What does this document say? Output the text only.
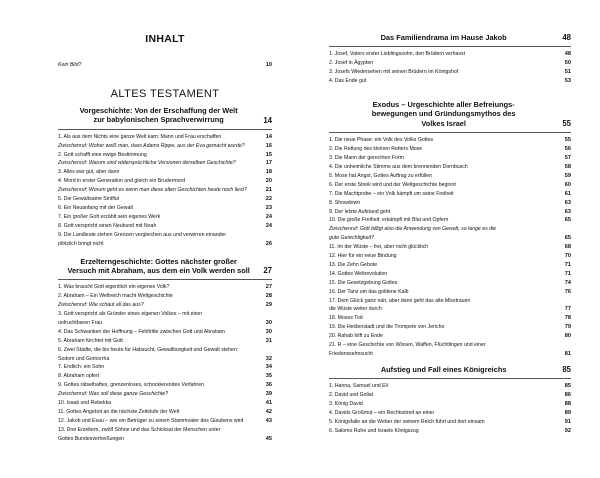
INHALT
Kein Bild?	10
ALTES TESTAMENT
Vorgeschichte: Von der Erschaffung der Welt
zur babylonischen Sprachverwirrung	14
1. Als aus dem Nichts eine ganze Welt kam: Mann und Frau erschaffen	14
Zwischenruf: Woher weiß man, dass Adams Rippe, aus der Eva gemacht wurde?	16
2. Gott schafft eine ewige Bestimmung	15
Zwischenruf: Warum sind widersprüchliche Versionen derselben Geschichte?	17
3. Alles war gut, aber dann	18
4. Mord in erster Generation und gleich ein Brudermord	20
Zwischenruf: Worum geht es wenn man diese alten Geschichten heute noch liest?	21
5. Die Gewaltsame Sintflut	22
6. Ein Neuanfang mit der Gewalt	23
7. Ein großer Gott erzählt sein eigenes Werk	24
8. Gott verspricht einen Neubund mit Noah	24
9. Die Landleute ziehen Grenzen vergleichen aus und verwirren einander
plötzlich bringt nicht	26
Erzelterngeschichte: Gottes nächster großer
Versuch mit Abraham, aus dem ein Volk werden soll	27
1. Was braucht Gott eigentlich ein eigenes Volk?	27
2. Abraham – Ein Weltreich macht Weltgeschichte	28
Zwischenruf: Wie schaut all das aus?	29
3. Gott verspricht als Gründer eines eigenen Volkes – mit einer
unfruchtbaren Frau	30
4. Das Schwanken der Hoffnung – Fehltritte zwischen Gott und Abraham	30
5. Abraham fürchtet mit Gott	31
6. Zwei Städte, die bis heute für Habsucht, Gewaltlosigkeit und Gewalt stehen:
Sodom und Gomorrha	32
7. Endlich: ein Sohn	34
8. Abraham opfert	35
9. Gottes rätselhaftes, grenzenloses, schockierendes Verfahren	36
Zwischenruf: Was soll diese ganze Geschichte?	39
10. Isaak und Rebekka	41
11. Gottes Angebot an die nächste Zeitstufe der Welt	42
12. Jakob und Esau – wie ein Betrüger zu einem Stammvater des Glaubens wird	43
13. Drei Erzeltern, zwölf Söhne und das Schicksal der Menschen unter
Gottes Bundesverheißungen	45
Das Familiendrama im Hause Jakob	48
1. Josef, Vaters erster Lieblingssohn, den Brüdern verhasst	48
2. Josef in Ägypten	50
3. Josefs Wiedersehen mit seinen Brüdern im Königshof	51
4. Das Ende gut	53
Exodus – Urgeschichte aller Befreiungs-
bewegungen und Gründungsmythos des
Volkes Israel	55
1. Die neue Phase: ein Volk des Volks Gottes	55
2. Die Rettung des kleinen Retters Mose	56
3. Die Mann der gerechten Form	57
4. Die unheimliche Stimme aus dem brennenden Dornbusch	58
5. Mose hat Angst, Gottes Auftrag zu erfüllen	59
6. Der erste Streik wird und der Weltgeschichte beginnt	60
7. Die Machtprobe – ein Volk kämpft um seine Freiheit	61
8. Showdown	63
9. Der letzte Aufstand geht	63
10. Die große Freiheit: erkämpft mit Blut und Opfern	65
Zwischenruf: Gott billigt also die Anwendung von Gewalt, so lange es die
gute Gerechtigkeit?	65
11. Im der Wüste – frei, aber nicht glücklich	68
12. Hier für ein neue Bindung	70
13. Die Zehn Gebote	71
14. Gottes Weltrevolution	71
15. Die Gesetzgebung Gottes	74
16. Der Tanz um das goldene Kalb	76
17. Dem Glück ganz nah, aber dann geht das alte Misstrauen
die Wüste weiter durch	77
18. Moses Tod	78
19. Die Heldenstadt und die Trompete von Jericho	79
20. Rahab hilft zu Ende	80
21. R – eine Geschichte von Wissen, Waffen, Flüchtlingen und einer
Friedenssehnsucht	81
Aufstieg und Fall eines Königreichs	85
1. Hanna, Samuel und Eli	85
2. David und Goliat	86
3. König David	88
4. Davids Großmut – ein Rechtsstreit an einer	89
5. Königsfalle an die Weber der seinem Reich führt und dort einsam	91
6. Salomo Ruhe und Israels Königszug	92
